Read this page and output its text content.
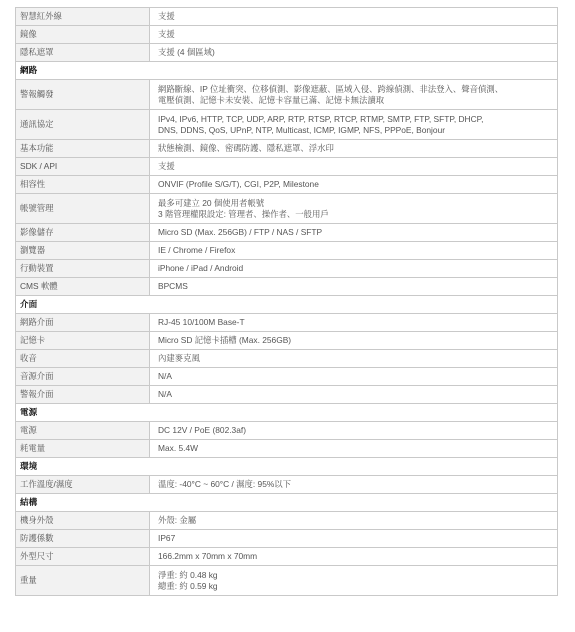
智慧紅外線	支援

鏡像	支援

隱私遮罩	支援 (4 個區域)

網路	
警報觸發	網路斷線、IP 位址衝突、位移偵測、影像遮蔽、區域入侵、跨線偵測、非法登入、聲音偵測、
電壓偵測、記憶卡未安裝、記憶卡容量已滿、記憶卡無法讀取

通訊協定	IPv4, IPv6, HTTP, TCP, UDP, ARP, RTP, RTSP, RTCP, RTMP, SMTP, FTP, SFTP, DHCP,
DNS, DDNS, QoS, UPnP, NTP, Multicast, ICMP, IGMP, NFS, PPPoE, Bonjour

基本功能	狀態檢測、鏡像、密碼防護、隱私遮罩、浮水印

SDK / API	支援

相容性	ONVIF (Profile S/G/T), CGI, P2P, Milestone

帳號管理	最多可建立 20 個使用者帳號
3 階管理權限設定: 管理者、操作者、一般用戶

影像儲存	Micro SD (Max. 256GB) / FTP / NAS / SFTP

瀏覽器	IE / Chrome / Firefox

行動裝置	iPhone / iPad / Android

CMS 軟體	BPCMS

介面	
網路介面	RJ-45 10/100M Base-T

記憶卡	Micro SD 記憶卡插槽 (Max. 256GB)

收音	內建麥克風

音源介面	N/A

警報介面	N/A

電源	
電源	DC 12V / PoE (802.3af)

耗電量	Max. 5.4W

環境	
工作溫度/濕度	溫度: -40°C ~ 60°C / 濕度: 95%以下

結構	
機身外殼	外殼: 金屬

防護係數	IP67

外型尺寸	166.2mm x 70mm x 70mm

重量	淨重: 約 0.48 kg
總重: 約 0.59 kg
